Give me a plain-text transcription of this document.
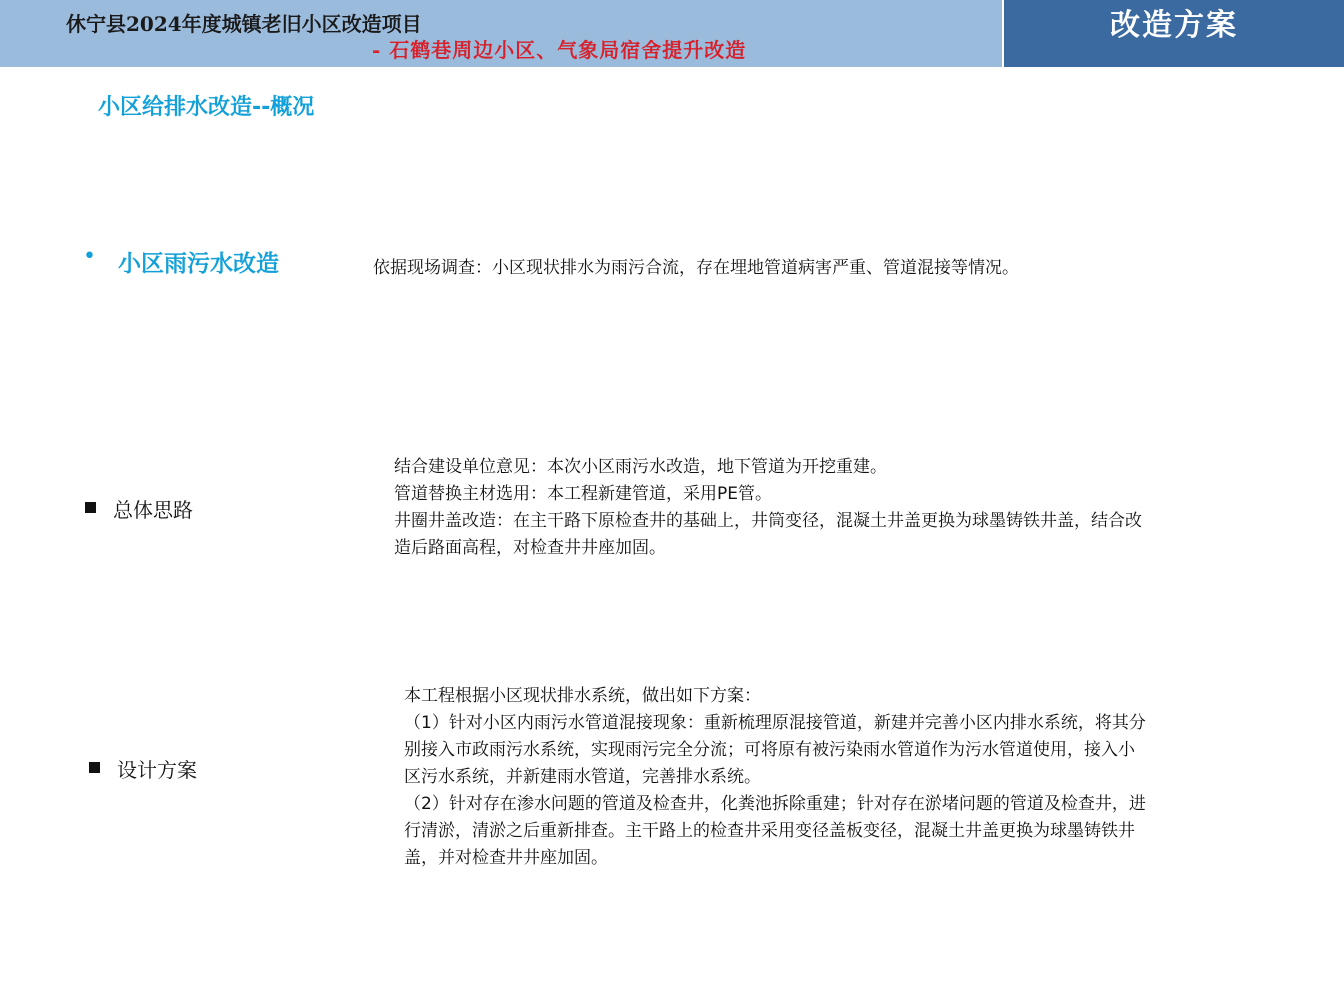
休宁县2024年度城镇老旧小区改造项目
- 石鹤巷周边小区、气象局宿舍提升改造
改造方案
小区给排水改造--概况
• 小区雨污水改造	依据现场调查：小区现状排水为雨污合流，存在埋地管道病害严重、管道混接等情况。
总体思路
结合建设单位意见：本次小区雨污水改造，地下管道为开挖重建。
管道替换主材选用：本工程新建管道，采用PE管。
井圈井盖改造：在主干路下原检查井的基础上，井筒变径，混凝土井盖更换为球墨铸铁井盖，结合改
造后路面高程，对检查井井座加固。
设计方案
本工程根据小区现状排水系统，做出如下方案：
（1）针对小区内雨污水管道混接现象：重新梳理原混接管道，新建并完善小区内排水系统，将其分
别接入市政雨污水系统，实现雨污完全分流；可将原有被污染雨水管道作为污水管道使用，接入小
区污水系统，并新建雨水管道，完善排水系统。
（2）针对存在渗水问题的管道及检查井，化粪池拆除重建；针对存在淤堵问题的管道及检查井，进
行清淤，清淤之后重新排查。主干路上的检查井采用变径盖板变径，混凝土井盖更换为球墨铸铁井
盖，并对检查井井座加固。
